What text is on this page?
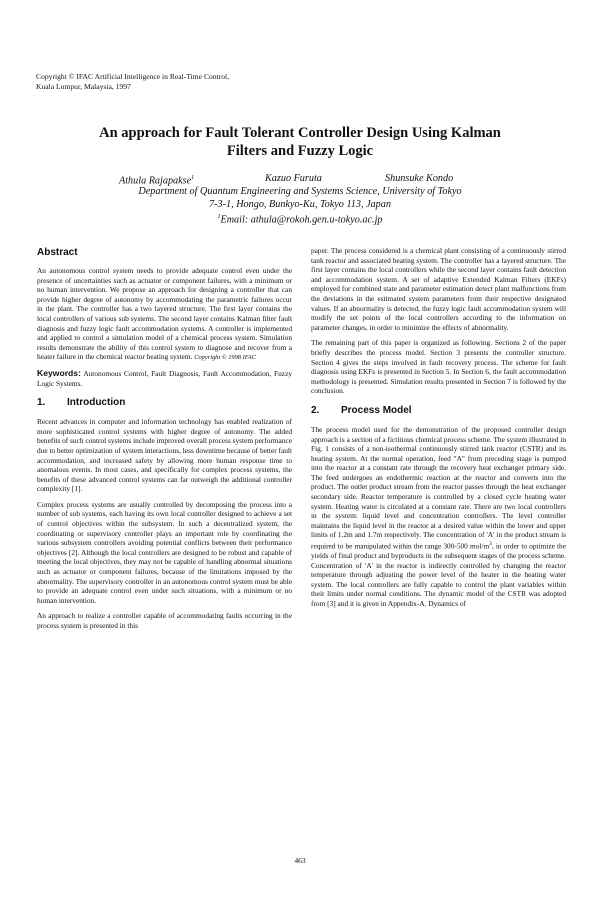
Copyright © IFAC Artificial Intelligence in Real-Time Control,
Kuala Lumpur, Malaysia, 1997
An approach for Fault Tolerant Controller Design Using Kalman
Filters and Fuzzy Logic
Athula Rajapakse$^1$	Kazuo Furuta	Shunsuke Kondo
Department of Quantum Engineering and Systems Science, University of Tokyo
7-3-1, Hongo, Bunkyo-Ku, Tokyo 113, Japan
$^1$Email: athula@rokoh.gen.u-tokyo.ac.jp
Abstract

An autonomous control system needs to provide adequate control even under the presence of uncertainties such as actuator or component failures, with a minimum or no human intervention. We propose an approach for designing a controller that can provide higher degree of autonomy by accommodating the parametric failures occur in the plant. The controller has a two layered structure. The first layer contains the local controllers of various sub systems. The second layer contains Kalman filter fault diagnosis and fuzzy logic fault accommodation systems. A controller is implemented and applied to control a simulation model of a chemical process system. Simulation results demonstrate the ability of this control system to diagnose and recover from a heater failure in the chemical reactor heating system. Copyright © 1998 IFAC

Keywords: Autonomous Control, Fault Diagnosis, Fault Accommodation, Fuzzy Logic Systems.

1. Introduction

Recent advances in computer and information technology has enabled realization of more sophisticated control systems with higher degree of autonomy. The added benefits of such control systems include improved overall process system performance due to better optimization of system interactions, less downtime because of better fault accommodation, and increased safety by allowing more human response time to anomalous events. In most cases, and specifically for complex process systems, the benefits of these advanced control systems can far outweigh the additional controller complexity [1].

Complex process systems are usually controlled by decomposing the process into a number of sub systems, each having its own local controller designed to achieve a set of control objectives within the subsystem. In such a decentralized system, the coordinating or supervisory controller plays an important role by coordinating the various subsystem controllers avoiding potential conflicts between their performance objectives [2]. Although the local controllers are designed to be robust and capable of meeting the local objectives, they may not be capable of handling abnormal situations such as actuator or component failures, because of the limitations imposed by the abnormality. The supervisory controller in an autonomous control system must be able to provide an adequate control even under such situations, with a minimum or no human intervention.

An approach to realize a controller capable of accommodating faults occurring in the process system is presented in this

paper. The process considered is a chemical plant consisting of a continuously stirred tank reactor and associated heating system. The controller has a layered structure. The first layer contains the local controllers while the second layer contains fault detection and accommodation system. A set of adaptive Extended Kalman Filters (EKFs) employed for combined state and parameter estimation detect plant malfunctions from the deviations in the estimated system parameters from their respective designated values. If an abnormality is detected, the fuzzy logic fault accommodation system will modify the set points of the local controllers according to the information on parameter changes, in order to minimize the effects of abnormality.

The remaining part of this paper is organized as following. Sections 2 of the paper briefly describes the process model. Section 3 presents the controller structure. Section 4 gives the steps involved in fault recovery process. The scheme for fault diagnosis using EKFs is presented in Section 5. In Section 6, the fault accommodation methodology is presented. Simulation results presented in Section 7 is followed by the conclusion.

2. Process Model

The process model used for the demonstration of the proposed controller design approach is a section of a fictitious chemical process scheme. The system illustrated in Fig. 1 consists of a non-isothermal continuously stirred tank reactor (CSTR) and its heating system. At the normal operation, feed "A" from preceding stage is pumped into the reactor at a constant rate through the recovery heat exchanger primary side. The feed undergoes an endothermic reaction at the reactor and converts into the product. The outlet product stream from the reactor passes through the heat exchanger secondary side. Reactor temperature is controlled by a closed cycle heating water system. Heating water is circulated at a constant rate. There are two local controllers in the system: liquid level and concentration controllers. The level controller maintains the liquid level in the reactor at a desired value within the lower and upper limits of 1.2m and 1.7m respectively. The concentration of 'A' in the product stream is required to be manipulated within the range 300-500 mol/$m^3$, in order to optimize the yields of final product and byproducts in the subsequent stages of the process scheme. Concentration of 'A' in the reactor is indirectly controlled by changing the reactor temperature through adjusting the power level of the heater in the heating water system. The local controllers are fully capable to control the plant variables within their limits under normal conditions. The dynamic model of the CSTR was adopted from [3] and it is given in Appendix-A. Dynamics of

463
